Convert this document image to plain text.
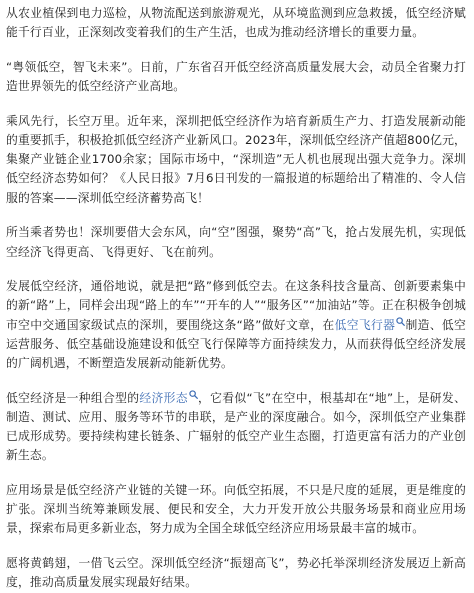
从农业植保到电力巡检，从物流配送到旅游观光，从环境监测到应急救援，低空经济赋能千行百业，正深刻改变着我们的生产生活，也成为推动经济增长的重要力量。

“粤领低空，智飞未来”。日前，广东省召开低空经济高质量发展大会，动员全省聚力打造世界领先的低空经济产业高地。

乘风先行，长空万里。近年来，深圳把低空经济作为培育新质生产力、打造发展新动能的重要抓手，积极抢抓低空经济产业新风口。2023年，深圳低空经济产值超800亿元，集聚产业链企业1700余家；国际市场中，“深圳造”无人机也展现出强大竞争力。深圳低空经济态势如何？《人民日报》7月6日刊发的一篇报道的标题给出了精准的、令人信服的答案——深圳低空经济蓄势高飞！

所当乘者势也！深圳要借大会东风，向“空”图强，聚势“高”飞，抢占发展先机，实现低空经济飞得更高、飞得更好、飞在前列。

发展低空经济，通俗地说，就是把“路”修到低空去。在这条科技含量高、创新要素集中的新“路”上，同样会出现“路上的车”“开车的人”“服务区”“加油站”等。正在积极争创城市空中交通国家级试点的深圳，要围绕这条“路”做好文章，在低空飞行器 制造、低空运营服务、低空基础设施建设和低空飞行保障等方面持续发力，从而获得低空经济发展的广阔机遇，不断塑造发展新动能新优势。

低空经济是一种组合型的经济形态 ，它看似“飞”在空中，根基却在“地”上，是研发、制造、测试、应用、服务等环节的串联，是产业的深度融合。如今，深圳低空产业集群已成形成势。要持续构建长链条、广辐射的低空产业生态圈，打造更富有活力的产业创新生态。

应用场景是低空经济产业链的关键一环。向低空拓展，不只是尺度的延展，更是维度的扩张。深圳当统筹兼顾发展、便民和安全，大力开发开放公共服务场景和商业应用场景，探索布局更多新业态，努力成为全国全球低空经济应用场景最丰富的城市。

愿将黄鹤翅，一借飞云空。深圳低空经济“振翅高飞”，势必托举深圳经济发展迈上新高度，推动高质量发展实现最好结果。
